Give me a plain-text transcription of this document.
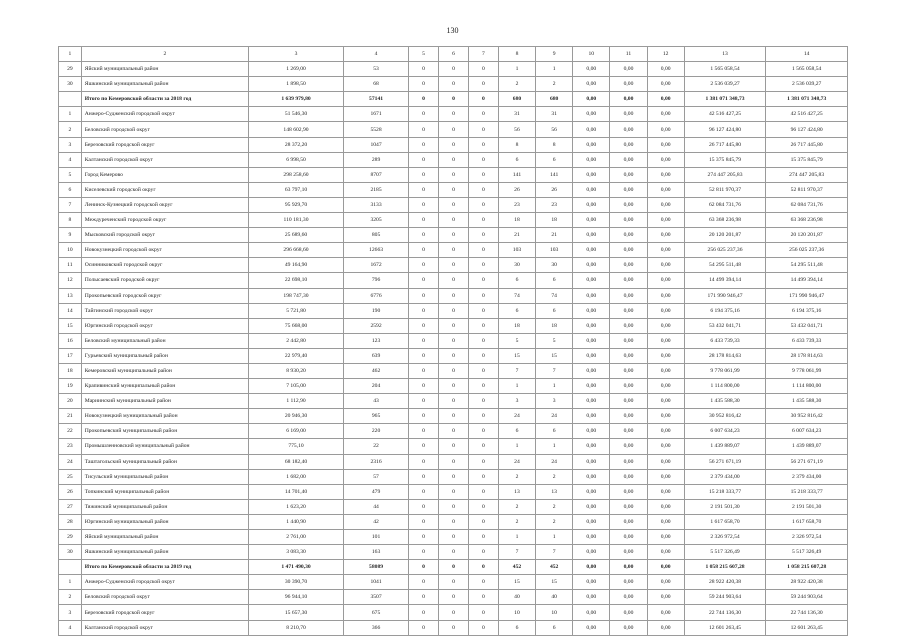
130
1	2	3	4	5	6	7	8	9	10	11	12	13	14
29	Яйский муниципальный район	1 269,00	53	0	0	0	1	1	0,00	0,00	0,00	1 565 058,54	1 565 058,54
30	Яшкинский муниципальный район	1 898,50	68	0	0	0	2	2	0,00	0,00	0,00	2 536 039,27	2 536 039,27
	Итого по Кемеровской области за 2018 год	1 639 979,80	57141	0	0	0	680	680	0,00	0,00	0,00	1 381 071 348,73	1 381 071 348,73
1	Анжеро-Судженский городской округ	51 546,30	1671	0	0	0	31	31	0,00	0,00	0,00	42 516 427,25	42 516 427,25
2	Беловский городской округ	148 602,90	5528	0	0	0	56	56	0,00	0,00	0,00	96 127 424,80	96 127 424,80
3	Березовский городской округ	28 372,20	1047	0	0	0	8	8	0,00	0,00	0,00	26 717 445,80	26 717 445,80
4	Калтанский городской округ	6 998,50	289	0	0	0	6	6	0,00	0,00	0,00	15 375 845,79	15 375 845,79
5	Город Кемерово	298 258,60	8707	0	0	0	141	141	0,00	0,00	0,00	274 447 205,83	274 447 205,83
6	Киселевский городской округ	63 797,10	2185	0	0	0	26	26	0,00	0,00	0,00	52 811 970,37	52 811 970,37
7	Ленинск-Кузнецкий городской округ	95 929,70	3133	0	0	0	23	23	0,00	0,00	0,00	62 084 731,76	62 084 731,76
8	Междуреченский городской округ	110 181,30	3205	0	0	0	18	18	0,00	0,00	0,00	63 368 236,98	63 368 236,98
9	Мысковский городской округ	25 689,60	805	0	0	0	21	21	0,00	0,00	0,00	20 120 201,87	20 120 201,87
10	Новокузнецкий городской округ	296 668,60	12663	0	0	0	103	103	0,00	0,00	0,00	256 025 237,36	256 025 237,36
11	Осинниковский городской округ	49 164,90	1672	0	0	0	30	30	0,00	0,00	0,00	54 295 511,48	54 295 511,48
12	Полысаевский городской округ	22 698,10	796	0	0	0	6	6	0,00	0,00	0,00	14 499 394,14	14 499 394,14
13	Прокопьевский городской округ	198 747,30	6776	0	0	0	74	74	0,00	0,00	0,00	171 990 946,47	171 990 946,47
14	Тайгинский городской округ	5 721,80	190	0	0	0	6	6	0,00	0,00	0,00	6 194 375,16	6 194 375,16
15	Юргинский городской округ	75 668,00	2592	0	0	0	18	18	0,00	0,00	0,00	53 432 041,71	53 432 041,71
16	Беловский муниципальный район	2 442,80	123	0	0	0	5	5	0,00	0,00	0,00	6 433 739,33	6 433 739,33
17	Гурьевский муниципальный район	22 979,40	639	0	0	0	15	15	0,00	0,00	0,00	28 178 814,63	28 178 814,63
18	Кемеровский муниципальный район	8 930,20	462	0	0	0	7	7	0,00	0,00	0,00	9 778 061,99	9 778 061,99
19	Крапивинский муниципальный район	7 105,00	204	0	0	0	1	1	0,00	0,00	0,00	1 114 800,00	1 114 800,00
20	Мариинский муниципальный район	1 112,90	43	0	0	0	3	3	0,00	0,00	0,00	1 435 588,30	1 435 588,30
21	Новокузнецкий муниципальный район	20 946,30	965	0	0	0	24	24	0,00	0,00	0,00	30 952 816,42	30 952 816,42
22	Прокопьевский муниципальный район	6 169,00	220	0	0	0	6	6	0,00	0,00	0,00	6 007 634,23	6 007 634,23
23	Промышленновский муниципальный район	775,10	22	0	0	0	1	1	0,00	0,00	0,00	1 439 889,07	1 439 889,07
24	Таштагольский муниципальный район	68 182,40	2316	0	0	0	24	24	0,00	0,00	0,00	56 271 671,19	56 271 671,19
25	Тисульский муниципальный район	1 682,00	57	0	0	0	2	2	0,00	0,00	0,00	2 379 434,00	2 379 434,00
26	Топкинский муниципальный район	14 701,40	479	0	0	0	13	13	0,00	0,00	0,00	15 218 333,77	15 218 333,77
27	Тяжинский муниципальный район	1 623,20	44	0	0	0	2	2	0,00	0,00	0,00	2 191 501,30	2 191 501,30
28	Юргинский муниципальный район	1 440,90	42	0	0	0	2	2	0,00	0,00	0,00	1 617 658,70	1 617 658,70
29	Яйский муниципальный район	2 761,00	101	0	0	0	1	1	0,00	0,00	0,00	2 326 972,54	2 326 972,54
30	Яшкинский муниципальный район	3 083,30	163	0	0	0	7	7	0,00	0,00	0,00	5 517 326,49	5 517 326,49
	Итого по Кемеровской области за 2019 год	1 471 490,30	58089	0	0	0	452	452	0,00	0,00	0,00	1 058 215 607,28	1 058 215 607,28
1	Анжеро-Судженский городской округ	30 390,70	1041	0	0	0	15	15	0,00	0,00	0,00	28 922 420,38	28 922 420,38
2	Беловский городской округ	96 944,10	3507	0	0	0	40	40	0,00	0,00	0,00	59 244 903,64	59 244 903,64
3	Березовский городской округ	15 657,30	675	0	0	0	10	10	0,00	0,00	0,00	22 744 136,30	22 744 136,30
4	Калтанский городской округ	8 210,70	366	0	0	0	6	6	0,00	0,00	0,00	12 601 263,45	12 601 263,45
